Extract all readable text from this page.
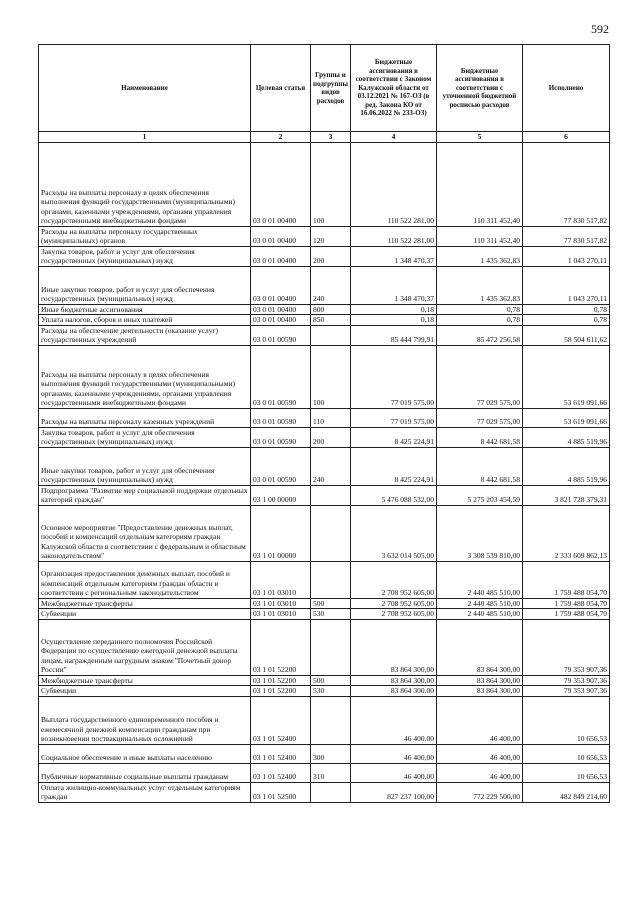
592
Наименование	Целевая статья	Группы и подгруппы видов расходов	Бюджетные ассигнования в соответствии с Законом Калужской области от 03.12.2021 № 167-ОЗ (в ред. Закона КО от 16.06.2022 № 233-ОЗ)	Бюджетные ассигнования в соответствии с уточненной бюджетной росписью расходов	Исполнено
1	2	3	4	5	6
Расходы на выплаты персоналу в целях обеспечения выполнения функций государственными (муниципальными) органами, казенными учреждениями, органами управления государственными внебюджетными фондами	03 0 01 00400	100	110 522 281,00	110 311 452,40	77 830 517,82
Расходы на выплаты персоналу государственных (муниципальных) органов	03 0 01 00400	120	110 522 281,00	110 311 452,40	77 830 517,82
Закупка товаров, работ и услуг для обеспечения государственных (муниципальных) нужд	03 0 01 00400	200	1 348 470,37	1 435 362,83	1 043 270,11
Иные закупки товаров, работ и услуг для обеспечения государственных (муниципальных) нужд	03 0 01 00400	240	1 348 470,37	1 435 362,83	1 043 270,11
Иные бюджетные ассигнования	03 0 01 00400	800	0,18	0,78	0,78
Уплата налогов, сборов и иных платежей	03 0 01 00400	850	0,18	0,78	0,78
Расходы на обеспечение деятельности (оказание услуг) государственных учреждений	03 0 01 00590		85 444 799,91	85 472 256,58	58 504 611,62
Расходы на выплаты персоналу в целях обеспечения выполнения функций государственными (муниципальными) органами, казенными учреждениями, органами управления государственными внебюджетными фондами	03 0 01 00590	100	77 019 575,00	77 029 575,00	53 619 091,66
Расходы на выплаты персоналу казенных учреждений	03 0 01 00590	110	77 019 575,00	77 029 575,00	53 619 091,66
Закупка товаров, работ и услуг для обеспечения государственных (муниципальных) нужд	03 0 01 00590	200	8 425 224,91	8 442 681,58	4 885 519,96
Иные закупки товаров, работ и услуг для обеспечения государственных (муниципальных) нужд	03 0 01 00590	240	8 425 224,91	8 442 681,58	4 885 519,96
Подпрограмма "Развитие мер социальной поддержки отдельных категорий граждан"	03 1 00 00000		5 476 088 532,00	5 275 203 454,59	3 821 728 379,31
Основное мероприятие "Предоставление денежных выплат, пособий и компенсаций отдельным категориям граждан Калужской области в соответствии с федеральным и областным законодательством"	03 1 01 00000		3 632 014 505,00	3 308 539 810,00	2 333 609 862,13
Организация предоставления денежных выплат, пособий и компенсаций отдельным категориям граждан области в соответствии с региональным законодательством	03 1 01 03010		2 708 952 605,00	2 440 485 510,00	1 759 488 054,70
Межбюджетные трансферты	03 1 01 03010	500	2 708 952 605,00	2 440 485 510,00	1 759 488 054,70
Субвенции	03 1 01 03010	530	2 708 952 605,00	2 440 485 510,00	1 759 488 054,70
Осуществление переданного полномочия Российской Федерации по осуществлению ежегодной денежной выплаты лицам, награжденным нагрудным знаком "Почетный донор России"	03 1 01 52200		83 864 300,00	83 864 300,00	79 353 907,36
Межбюджетные трансферты	03 1 01 52200	500	83 864 300,00	83 864 300,00	79 353 907,36
Субвенции	03 1 01 52200	530	83 864 300,00	83 864 300,00	79 353 907,36
Выплата государственного единовременного пособия и ежемесячной денежной компенсации гражданам при возникновении поствакцинальных осложнений	03 1 01 52400		46 400,00	46 400,00	10 656,53
Социальное обеспечение и иные выплаты населению	03 1 01 52400	300	46 400,00	46 400,00	10 656,53
Публичные нормативные социальные выплаты гражданам	03 1 01 52400	310	46 400,00	46 400,00	10 656,53
Оплата жилищно-коммунальных услуг отдельным категориям граждан	03 1 01 52500		827 237 100,00	772 229 500,00	482 849 214,60
